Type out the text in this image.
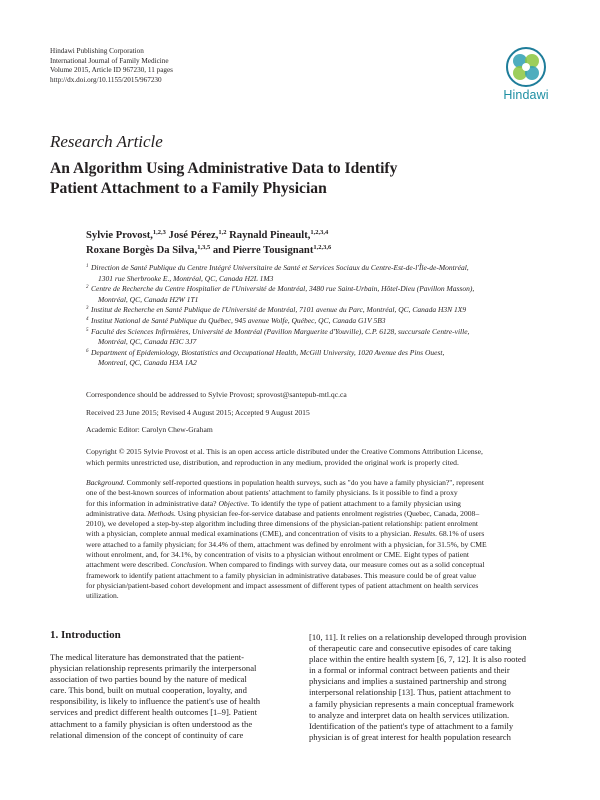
Hindawi Publishing Corporation
International Journal of Family Medicine
Volume 2015, Article ID 967230, 11 pages
http://dx.doi.org/10.1155/2015/967230
Hindawi
Research Article
An Algorithm Using Administrative Data to Identify
Patient Attachment to a Family Physician
Sylvie Provost,$^{1,2,3}$ José Pérez,$^{1,2}$ Raynald Pineault,$^{1,2,3,4}$
Roxane Borgès Da Silva,$^{1,3,5}$ and Pierre Tousignant$^{1,2,3,6}$
1 Direction de Santé Publique du Centre Intégré Universitaire de Santé et Services Sociaux du Centre-Est-de-l'Île-de-Montréal,
1301 rue Sherbrooke E., Montréal, QC, Canada H2L 1M3
2 Centre de Recherche du Centre Hospitalier de l'Université de Montréal, 3480 rue Saint-Urbain, Hôtel-Dieu (Pavillon Masson),
Montréal, QC, Canada H2W 1T1
3 Institut de Recherche en Santé Publique de l'Université de Montréal, 7101 avenue du Parc, Montréal, QC, Canada H3N 1X9
4 Institut National de Santé Publique du Québec, 945 avenue Wolfe, Québec, QC, Canada G1V 5B3
5 Faculté des Sciences Infirmières, Université de Montréal (Pavillon Marguerite d'Youville), C.P. 6128, succursale Centre-ville,
Montréal, QC, Canada H3C 3J7
6 Department of Epidemiology, Biostatistics and Occupational Health, McGill University, 1020 Avenue des Pins Ouest,
Montreal, QC, Canada H3A 1A2
Correspondence should be addressed to Sylvie Provost; sprovost@santepub-mtl.qc.ca
Received 23 June 2015; Revised 4 August 2015; Accepted 9 August 2015
Academic Editor: Carolyn Chew-Graham
Copyright © 2015 Sylvie Provost et al. This is an open access article distributed under the Creative Commons Attribution License,
which permits unrestricted use, distribution, and reproduction in any medium, provided the original work is properly cited.
Background. Commonly self-reported questions in population health surveys, such as "do you have a family physician?", represent
one of the best-known sources of information about patients' attachment to family physicians. Is it possible to find a proxy
for this information in administrative data? Objective. To identify the type of patient attachment to a family physician using
administrative data. Methods. Using physician fee-for-service database and patients enrolment registries (Quebec, Canada, 2008–
2010), we developed a step-by-step algorithm including three dimensions of the physician-patient relationship: patient enrolment
with a physician, complete annual medical examinations (CME), and concentration of visits to a physician. Results. 68.1% of users
were attached to a family physician; for 34.4% of them, attachment was defined by enrolment with a physician, for 31.5%, by CME
without enrolment, and, for 34.1%, by concentration of visits to a physician without enrolment or CME. Eight types of patient
attachment were described. Conclusion. When compared to findings with survey data, our measure comes out as a solid conceptual
framework to identify patient attachment to a family physician in administrative databases. This measure could be of great value
for physician/patient-based cohort development and impact assessment of different types of patient attachment on health services
utilization.
1. Introduction
The medical literature has demonstrated that the patient-
physician relationship represents primarily the interpersonal
association of two parties bound by the nature of medical
care. This bond, built on mutual cooperation, loyalty, and
responsibility, is likely to influence the patient's use of health
services and predict different health outcomes [1–9]. Patient
attachment to a family physician is often understood as the
relational dimension of the concept of continuity of care
[10, 11]. It relies on a relationship developed through provision
of therapeutic care and consecutive episodes of care taking
place within the entire health system [6, 7, 12]. It is also rooted
in a formal or informal contract between patients and their
physicians and implies a sustained partnership and strong
interpersonal relationship [13]. Thus, patient attachment to
a family physician represents a main conceptual framework
to analyze and interpret data on health services utilization.
Identification of the patient's type of attachment to a family
physician is of great interest for health population research
